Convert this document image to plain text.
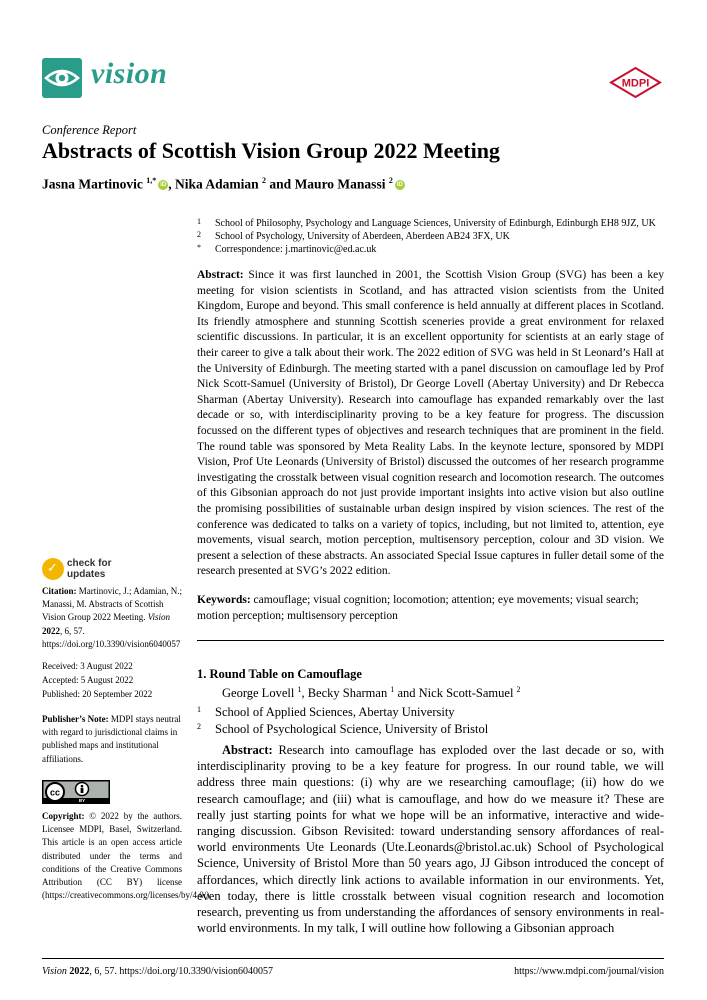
vision	MDPI
Conference Report
Abstracts of Scottish Vision Group 2022 Meeting
Jasna Martinovic $^{1,*}$ iD , Nika Adamian $^2$ and Mauro Manassi $^2$ iD
1 School of Philosophy, Psychology and Language Sciences, University of Edinburgh, Edinburgh EH8 9JZ, UK
2 School of Psychology, University of Aberdeen, Aberdeen AB24 3FX, UK
* Correspondence: j.martinovic@ed.ac.uk
Abstract: Since it was first launched in 2001, the Scottish Vision Group (SVG) has been a key meeting for vision scientists in Scotland, and has attracted vision scientists from the United Kingdom, Europe and beyond. This small conference is held annually at different places in Scotland. Its friendly atmosphere and stunning Scottish sceneries provide a great environment for relaxed scientific discussions. In particular, it is an excellent opportunity for scientists at an early stage of their career to give a talk about their work. The 2022 edition of SVG was held in St Leonard’s Hall at the University of Edinburgh. The meeting started with a panel discussion on camouflage led by Prof Nick Scott-Samuel (University of Bristol), Dr George Lovell (Abertay University) and Dr Rebecca Sharman (Abertay University). Research into camouflage has expanded remarkably over the last decade or so, with interdisciplinarity proving to be a key feature for progress. The discussion focussed on the different types of objectives and research techniques that are prominent in the field. The round table was sponsored by Meta Reality Labs. In the keynote lecture, sponsored by MDPI Vision, Prof Ute Leonards (University of Bristol) discussed the outcomes of her research programme investigating the crosstalk between visual cognition research and locomotion research. The outcomes of this Gibsonian approach do not just provide important insights into active vision but also outline the promising possibilities of sustainable urban design inspired by vision sciences. The rest of the conference was dedicated to talks on a variety of topics, including, but not limited to, attention, eye movements, visual search, motion perception, multisensory perception, colour and 3D vision. We present a selection of these abstracts. An associated Special Issue captures in fuller detail some of the research presented at SVG’s 2022 edition.
Keywords: camouflage; visual cognition; locomotion; attention; eye movements; visual search; motion perception; multisensory perception
1. Round Table on Camouflage
George Lovell $^1$, Becky Sharman $^1$ and Nick Scott-Samuel $^2$
1 School of Applied Sciences, Abertay University
2 School of Psychological Science, University of Bristol
Abstract: Research into camouflage has exploded over the last decade or so, with interdisciplinarity proving to be a key feature for progress. In our round table, we will address three main questions: (i) why are we researching camouflage; (ii) how do we research camouflage; and (iii) what is camouflage, and how do we measure it? These are really just starting points for what we hope will be an informative, interactive and wide-ranging discussion. Gibson Revisited: toward understanding sensory affordances of real-world environments Ute Leonards (Ute.Leonards@bristol.ac.uk) School of Psychological Science, University of Bristol More than 50 years ago, JJ Gibson introduced the concept of affordances, which directly link actions to available information in our environments. Yet, even today, there is little crosstalk between visual cognition research and locomotion research, preventing us from understanding the affordances of sensory environments in real-world environments. In my talk, I will outline how following a Gibsonian approach
✓ check for
updates
Citation: Martinovic, J.; Adamian, N.; Manassi, M. Abstracts of Scottish Vision Group 2022 Meeting. Vision 2022, 6, 57. https://doi.org/10.3390/vision6040057
Received: 3 August 2022
Accepted: 5 August 2022
Published: 20 September 2022
Publisher’s Note: MDPI stays neutral with regard to jurisdictional claims in published maps and institutional affiliations.
cc
BY
Copyright: © 2022 by the authors. Licensee MDPI, Basel, Switzerland. This article is an open access article distributed under the terms and conditions of the Creative Commons Attribution (CC BY) license (https://creativecommons.org/licenses/by/4.0/).
Vision 2022, 6, 57. https://doi.org/10.3390/vision6040057	https://www.mdpi.com/journal/vision
